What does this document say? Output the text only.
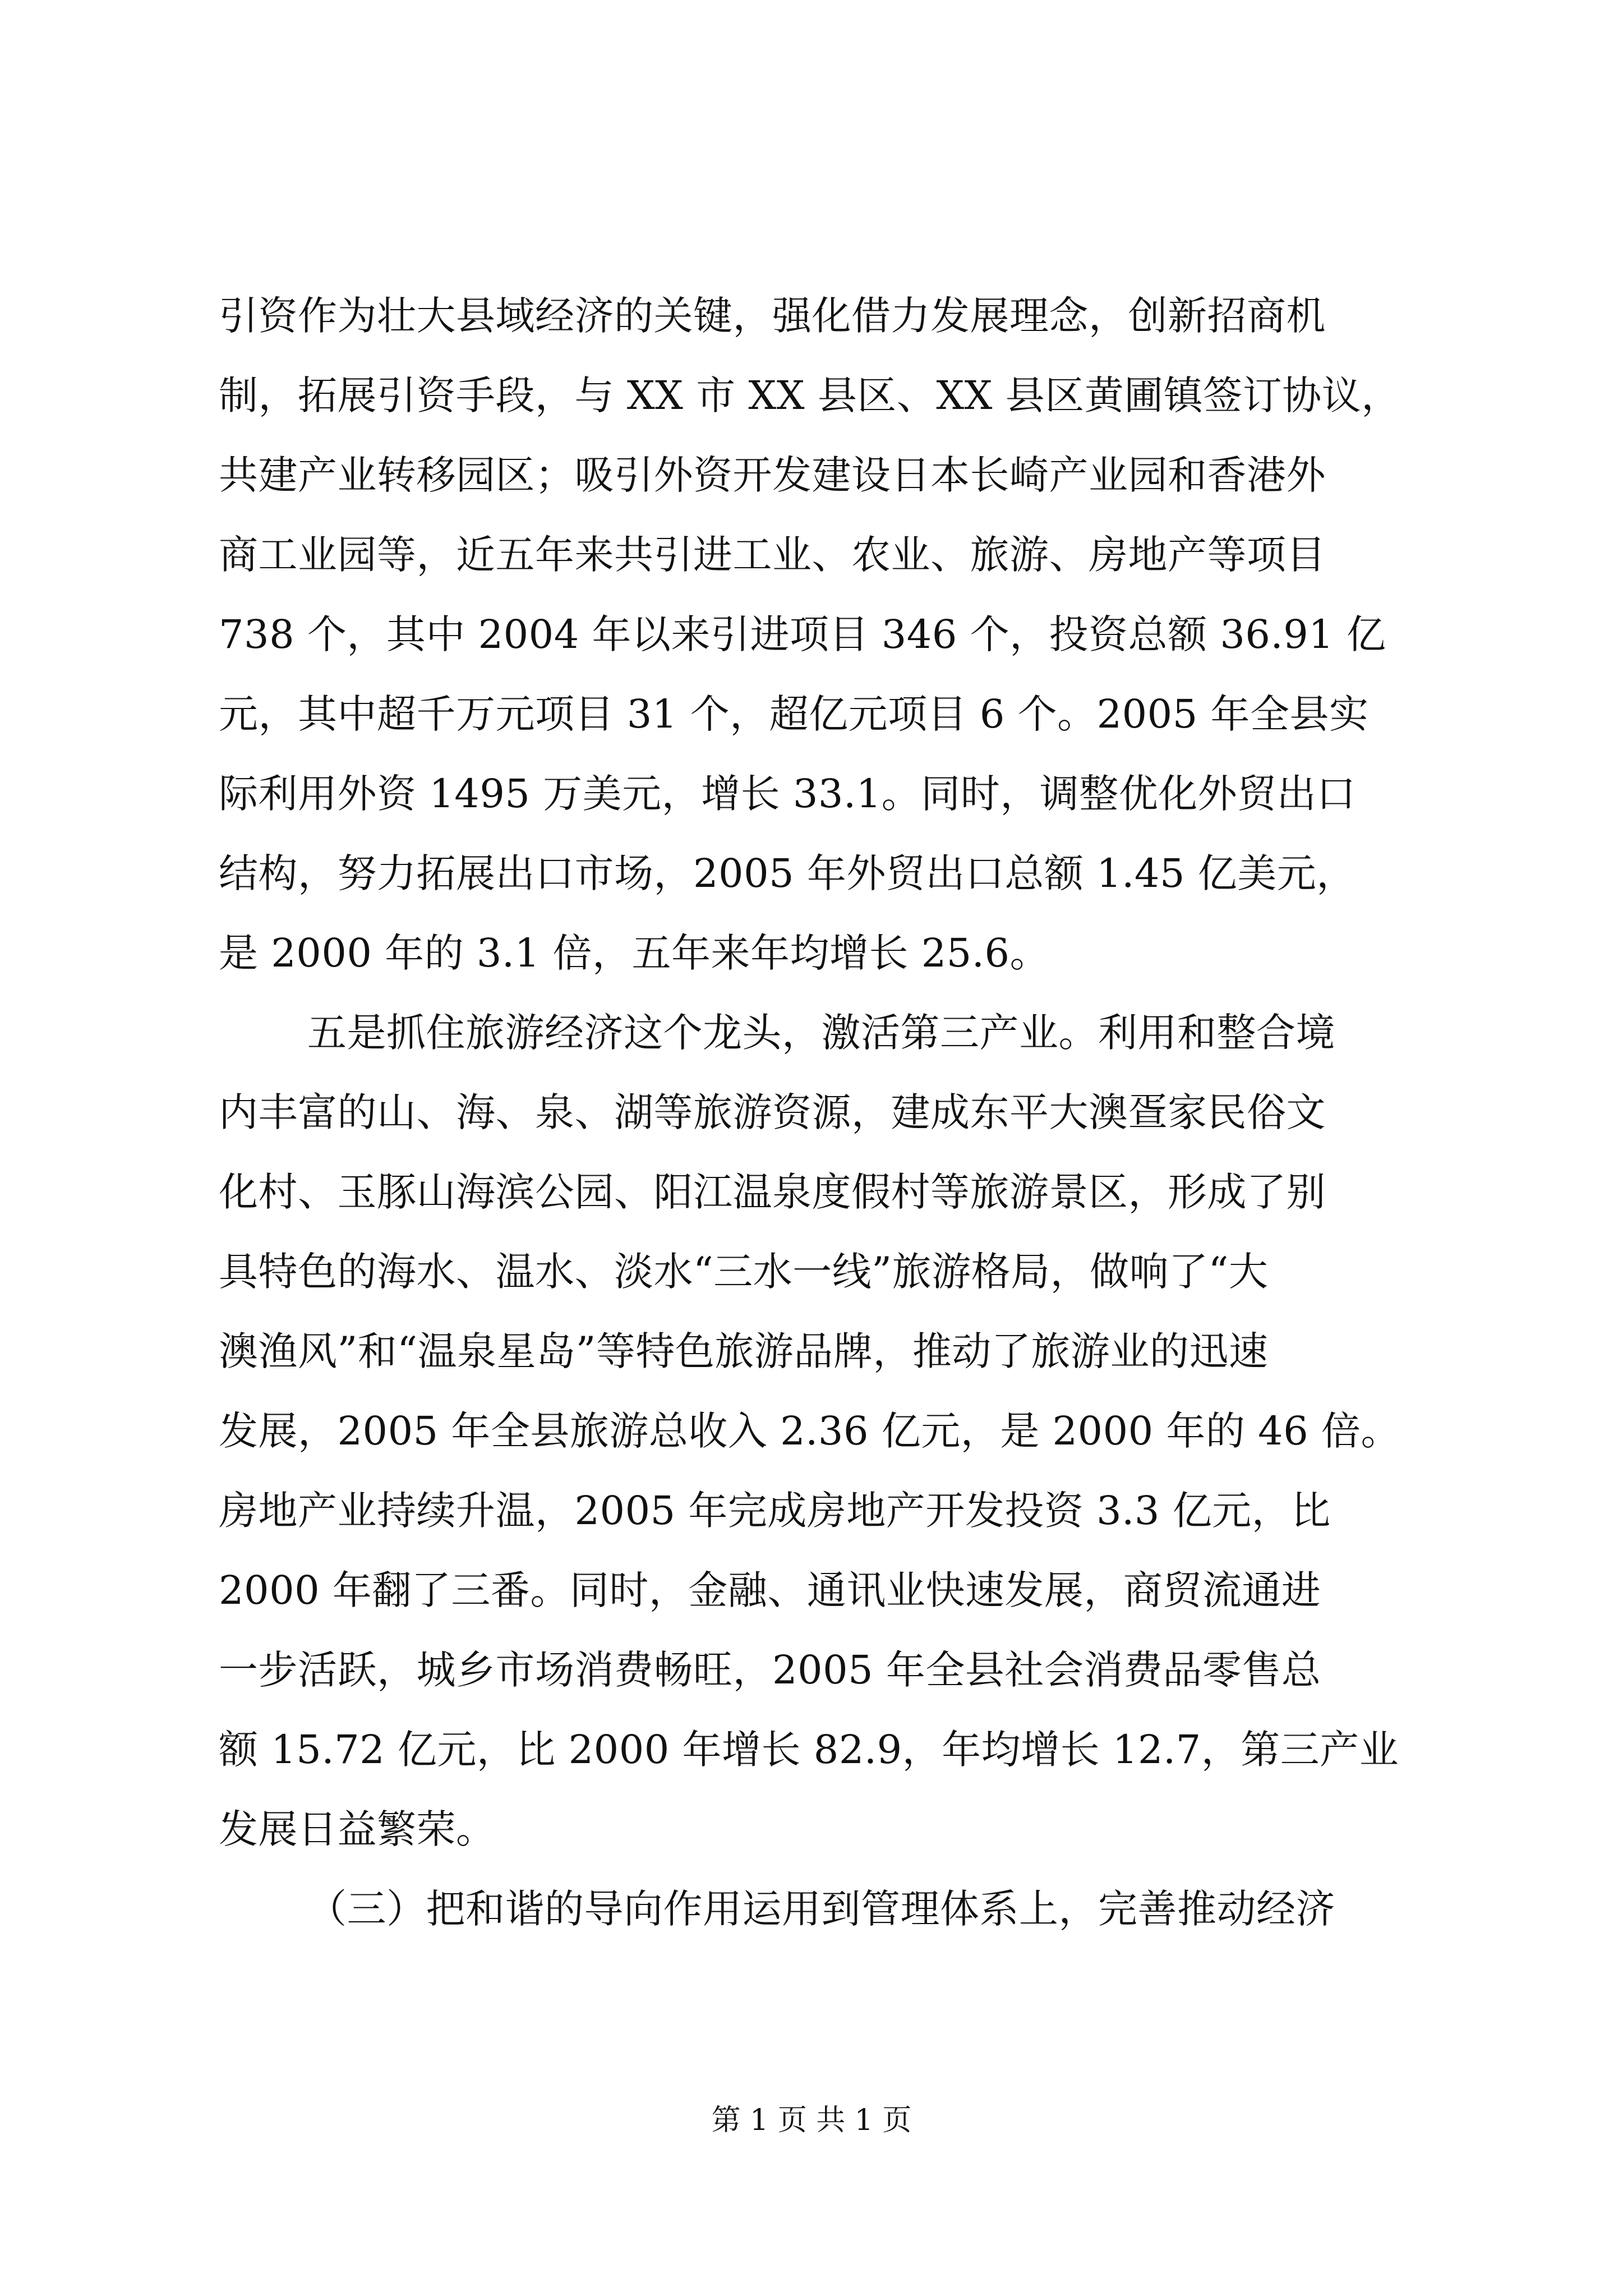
引资作为壮大县域经济的关键，强化借力发展理念，创新招商机
制，拓展引资手段，与 XX 市 XX 县区、XX 县区黄圃镇签订协议，
共建产业转移园区；吸引外资开发建设日本长崎产业园和香港外
商工业园等，近五年来共引进工业、农业、旅游、房地产等项目
738 个，其中 2004 年以来引进项目 346 个，投资总额 36.91 亿
元，其中超千万元项目 31 个，超亿元项目 6 个。2005 年全县实
际利用外资 1495 万美元，增长 33.1。同时，调整优化外贸出口
结构，努力拓展出口市场，2005 年外贸出口总额 1.45 亿美元，
是 2000 年的 3.1 倍，五年来年均增长 25.6。
五是抓住旅游经济这个龙头，激活第三产业。利用和整合境
内丰富的山、海、泉、湖等旅游资源，建成东平大澳疍家民俗文
化村、玉豚山海滨公园、阳江温泉度假村等旅游景区，形成了别
具特色的海水、温水、淡水“三水一线”旅游格局，做响了“大
澳渔风”和“温泉星岛”等特色旅游品牌，推动了旅游业的迅速
发展，2005 年全县旅游总收入 2.36 亿元，是 2000 年的 46 倍。
房地产业持续升温，2005 年完成房地产开发投资 3.3 亿元，比
2000 年翻了三番。同时，金融、通讯业快速发展，商贸流通进
一步活跃，城乡市场消费畅旺，2005 年全县社会消费品零售总
额 15.72 亿元，比 2000 年增长 82.9，年均增长 12.7，第三产业
发展日益繁荣。
（三）把和谐的导向作用运用到管理体系上，完善推动经济
第 1 页 共 1 页
